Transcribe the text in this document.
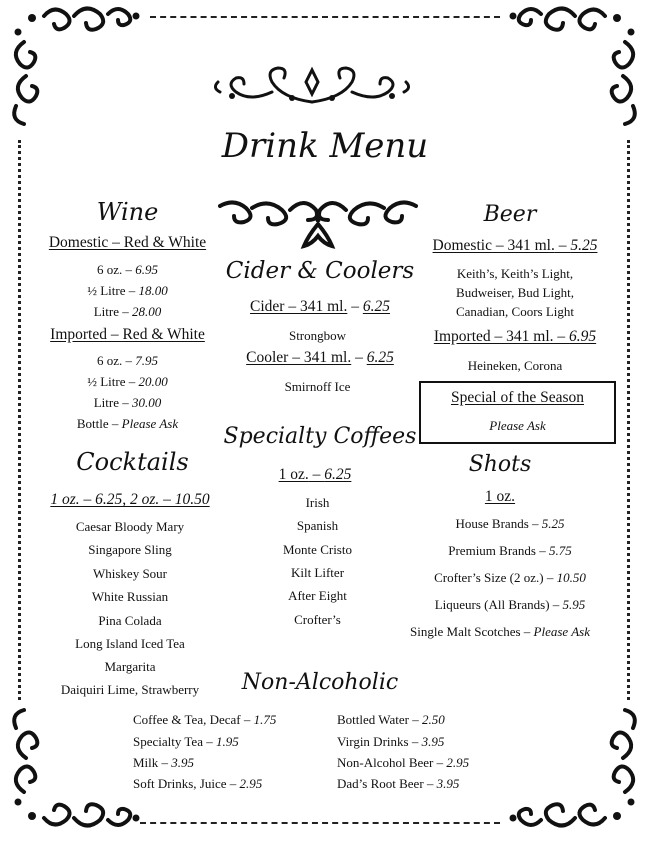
Drink Menu
Wine
Domestic – Red & White
6 oz. – 6.95
½ Litre – 18.00
Litre – 28.00
Imported – Red & White
6 oz. – 7.95
½ Litre – 20.00
Litre – 30.00
Bottle – Please Ask
Cocktails
1 oz. – 6.25, 2 oz. – 10.50
Caesar Bloody Mary
Singapore Sling
Whiskey Sour
White Russian
Pina Colada
Long Island Iced Tea
Margarita
Daiquiri Lime, Strawberry
Cider & Coolers
Cider – 341 ml. – 6.25
Strongbow
Cooler – 341 ml. – 6.25
Smirnoff Ice
Specialty Coffees
1 oz. – 6.25
Irish
Spanish
Monte Cristo
Kilt Lifter
After Eight
Crofter’s
Beer
Domestic – 341 ml. – 5.25
Keith’s, Keith’s Light,
Budweiser, Bud Light,
Canadian, Coors Light
Imported – 341 ml. – 6.95
Heineken, Corona
Special of the Season
Please Ask
Shots
1 oz.
House Brands – 5.25
Premium Brands – 5.75
Crofter’s Size (2 oz.) – 10.50
Liqueurs (All Brands) – 5.95
Single Malt Scotches – Please Ask
Non-Alcoholic
Coffee & Tea, Decaf – 1.75
Specialty Tea – 1.95
Milk – 3.95
Soft Drinks, Juice – 2.95
Bottled Water – 2.50
Virgin Drinks – 3.95
Non-Alcohol Beer – 2.95
Dad’s Root Beer – 3.95
